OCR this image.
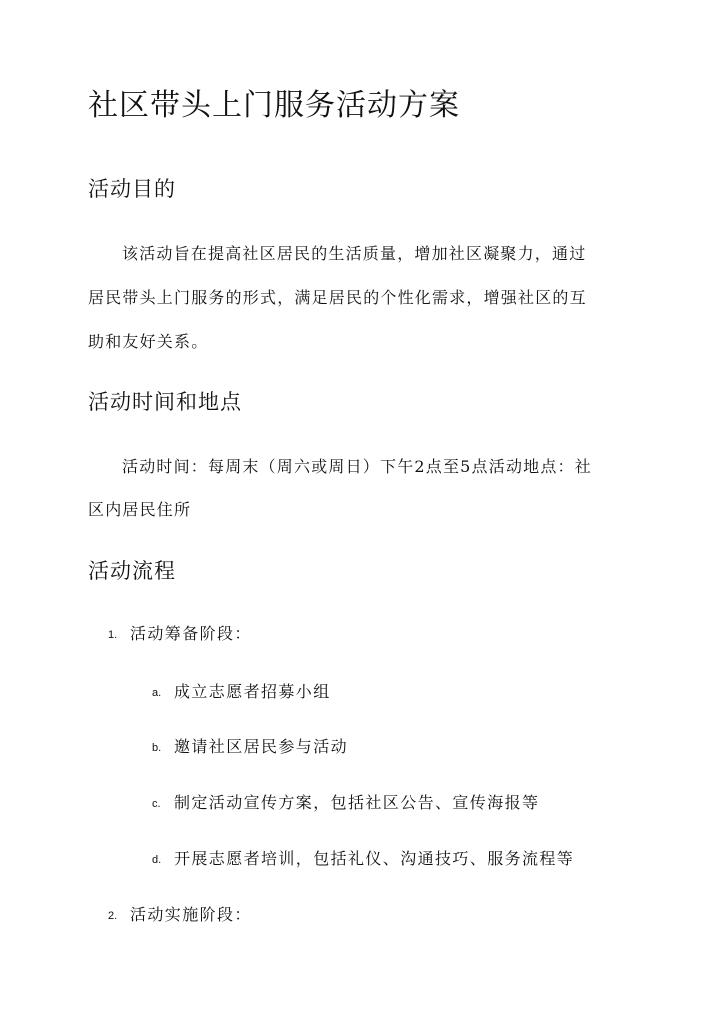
社区带头上门服务活动方案
活动目的
该活动旨在提高社区居民的生活质量，增加社区凝聚力，通过
居民带头上门服务的形式，满足居民的个性化需求，增强社区的互
助和友好关系。
活动时间和地点
活动时间：每周末（周六或周日）下午2点至5点活动地点：社
区内居民住所
活动流程
1. 活动筹备阶段：
a. 成立志愿者招募小组
b. 邀请社区居民参与活动
c. 制定活动宣传方案，包括社区公告、宣传海报等
d. 开展志愿者培训，包括礼仪、沟通技巧、服务流程等
2. 活动实施阶段：
